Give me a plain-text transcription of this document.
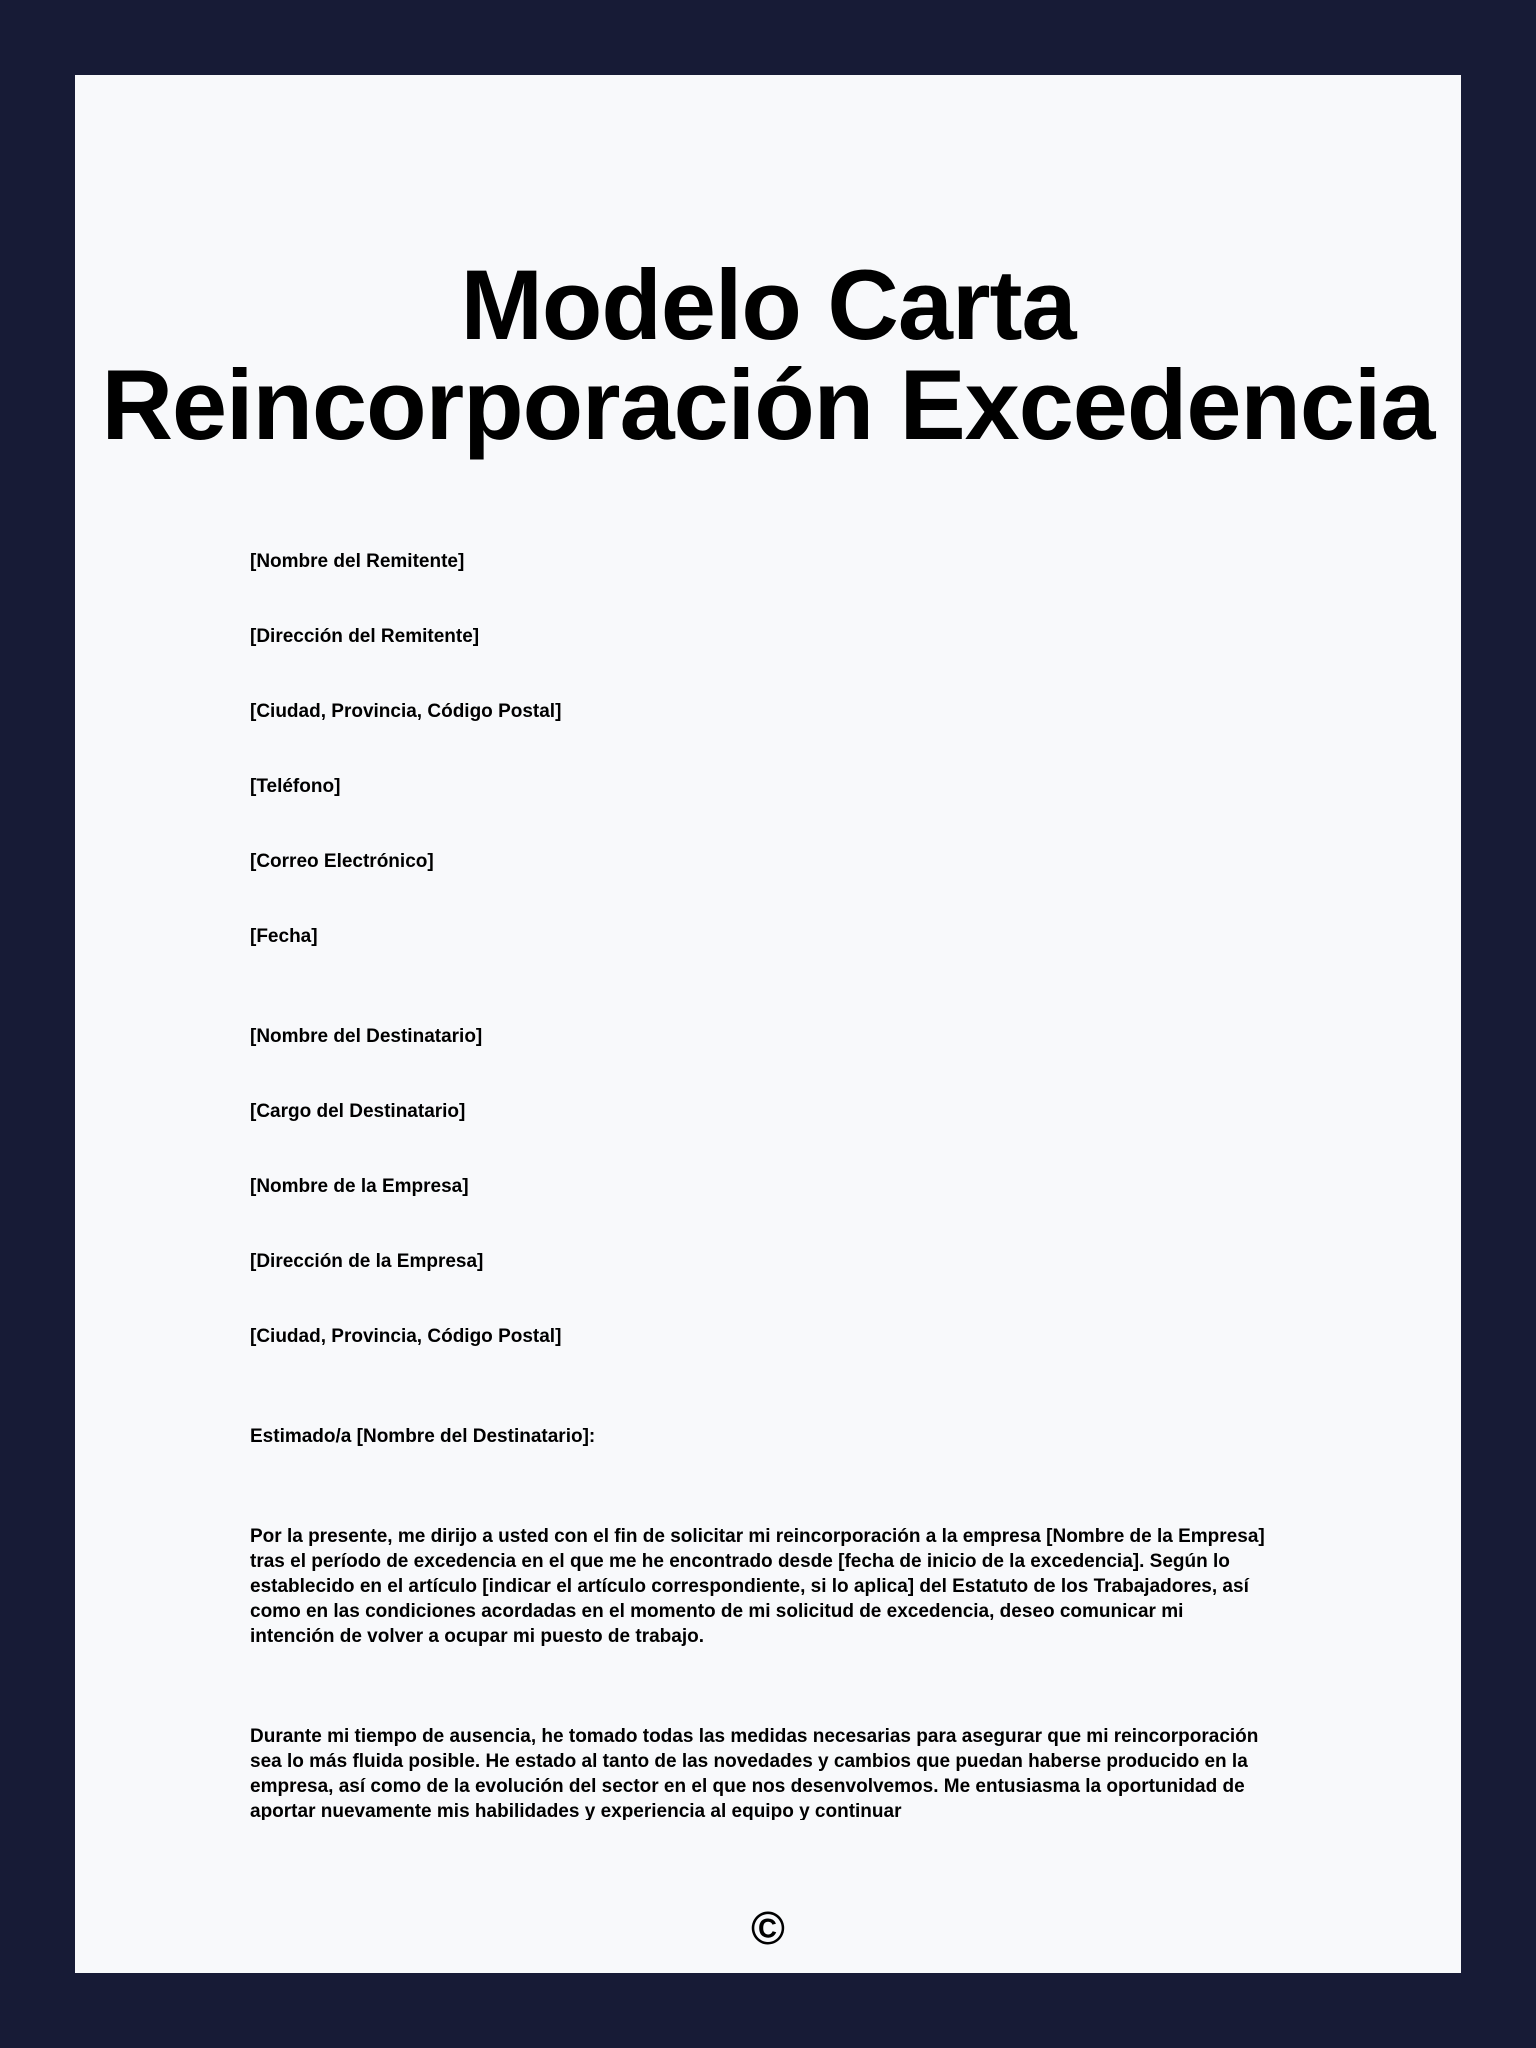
Modelo Carta
Reincorporación Excedencia
[Nombre del Remitente]
[Dirección del Remitente]
[Ciudad, Provincia, Código Postal]
[Teléfono]
[Correo Electrónico]
[Fecha]
[Nombre del Destinatario]
[Cargo del Destinatario]
[Nombre de la Empresa]
[Dirección de la Empresa]
[Ciudad, Provincia, Código Postal]
Estimado/a [Nombre del Destinatario]:

Por la presente, me dirijo a usted con el fin de solicitar mi reincorporación a la empresa [Nombre de la Empresa] tras el período de excedencia en el que me he encontrado desde [fecha de inicio de la excedencia]. Según lo establecido en el artículo [indicar el artículo correspondiente, si lo aplica] del Estatuto de los Trabajadores, así como en las condiciones acordadas en el momento de mi solicitud de excedencia, deseo comunicar mi intención de volver a ocupar mi puesto de trabajo.

Durante mi tiempo de ausencia, he tomado todas las medidas necesarias para asegurar que mi reincorporación sea lo más fluida posible. He estado al tanto de las novedades y cambios que puedan haberse producido en la empresa, así como de la evolución del sector en el que nos desenvolvemos. Me entusiasma la oportunidad de aportar nuevamente mis habilidades y experiencia al equipo y continuar

©
